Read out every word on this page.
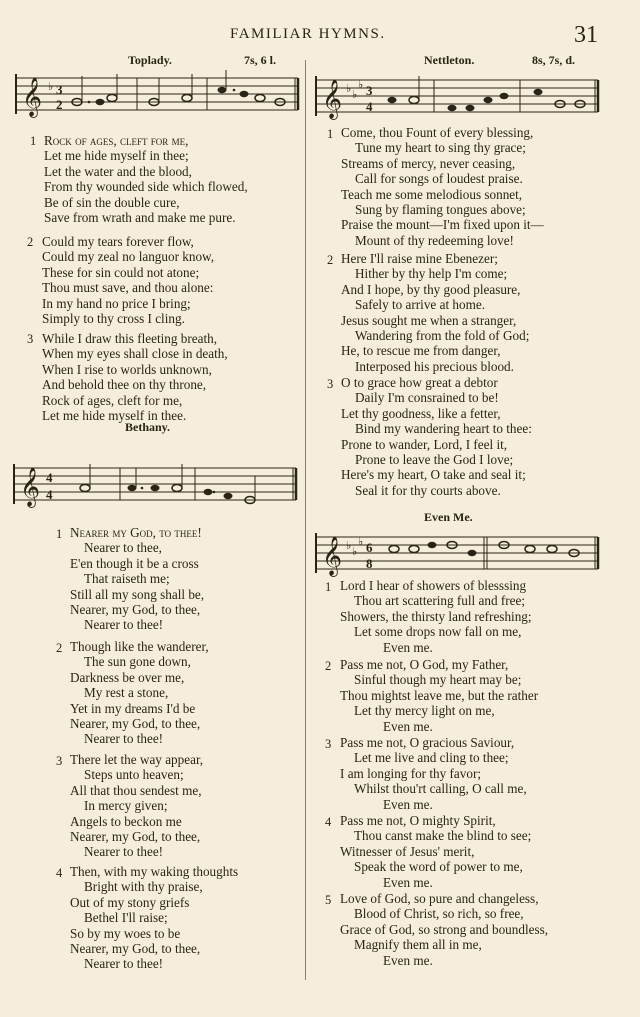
FAMILIAR HYMNS.	31
Toplady.	7s, 6 l.
𝄞 ♭ 3
2
1 Rock of ages, cleft for me,
Let me hide myself in thee;
Let the water and the blood,
From thy wounded side which flowed,
Be of sin the double cure,
Save from wrath and make me pure.
2 Could my tears forever flow,
Could my zeal no languor know,
These for sin could not atone;
Thou must save, and thou alone:
In my hand no price I bring;
Simply to thy cross I cling.
3 While I draw this fleeting breath,
When my eyes shall close in death,
When I rise to worlds unknown,
And behold thee on thy throne,
Rock of ages, cleft for me,
Let me hide myself in thee.
Bethany.
𝄞 4
4
1 Nearer my God, to thee!
Nearer to thee,
E'en though it be a cross
That raiseth me;
Still all my song shall be,
Nearer, my God, to thee,
Nearer to thee!
2 Though like the wanderer,
The sun gone down,
Darkness be over me,
My rest a stone,
Yet in my dreams I'd be
Nearer, my God, to thee,
Nearer to thee!
3 There let the way appear,
Steps unto heaven;
All that thou sendest me,
In mercy given;
Angels to beckon me
Nearer, my God, to thee,
Nearer to thee!
4 Then, with my waking thoughts
Bright with thy praise,
Out of my stony griefs
Bethel I'll raise;
So by my woes to be
Nearer, my God, to thee,
Nearer to thee!
Nettleton.	8s, 7s, d.
𝄞 ♭ ♭
♭ 3
4
1 Come, thou Fount of every blessing,
Tune my heart to sing thy grace;
Streams of mercy, never ceasing,
Call for songs of loudest praise.
Teach me some melodious sonnet,
Sung by flaming tongues above;
Praise the mount—I'm fixed upon it—
Mount of thy redeeming love!
2 Here I'll raise mine Ebenezer;
Hither by thy help I'm come;
And I hope, by thy good pleasure,
Safely to arrive at home.
Jesus sought me when a stranger,
Wandering from the fold of God;
He, to rescue me from danger,
Interposed his precious blood.
3 O to grace how great a debtor
Daily I'm consrained to be!
Let thy goodness, like a fetter,
Bind my wandering heart to thee:
Prone to wander, Lord, I feel it,
Prone to leave the God I love;
Here's my heart, O take and seal it;
Seal it for thy courts above.
Even Me.
𝄞 ♭ ♭
♭ 6
8
1 Lord I hear of showers of blesssing
Thou art scattering full and free;
Showers, the thirsty land refreshing;
Let some drops now fall on me,
Even me.
2 Pass me not, O God, my Father,
Sinful though my heart may be;
Thou mightst leave me, but the rather
Let thy mercy light on me,
Even me.
3 Pass me not, O gracious Saviour,
Let me live and cling to thee;
I am longing for thy favor;
Whilst thou'rt calling, O call me,
Even me.
4 Pass me not, O mighty Spirit,
Thou canst make the blind to see;
Witnesser of Jesus' merit,
Speak the word of power to me,
Even me.
5 Love of God, so pure and changeless,
Blood of Christ, so rich, so free,
Grace of God, so strong and boundless,
Magnify them all in me,
Even me.
